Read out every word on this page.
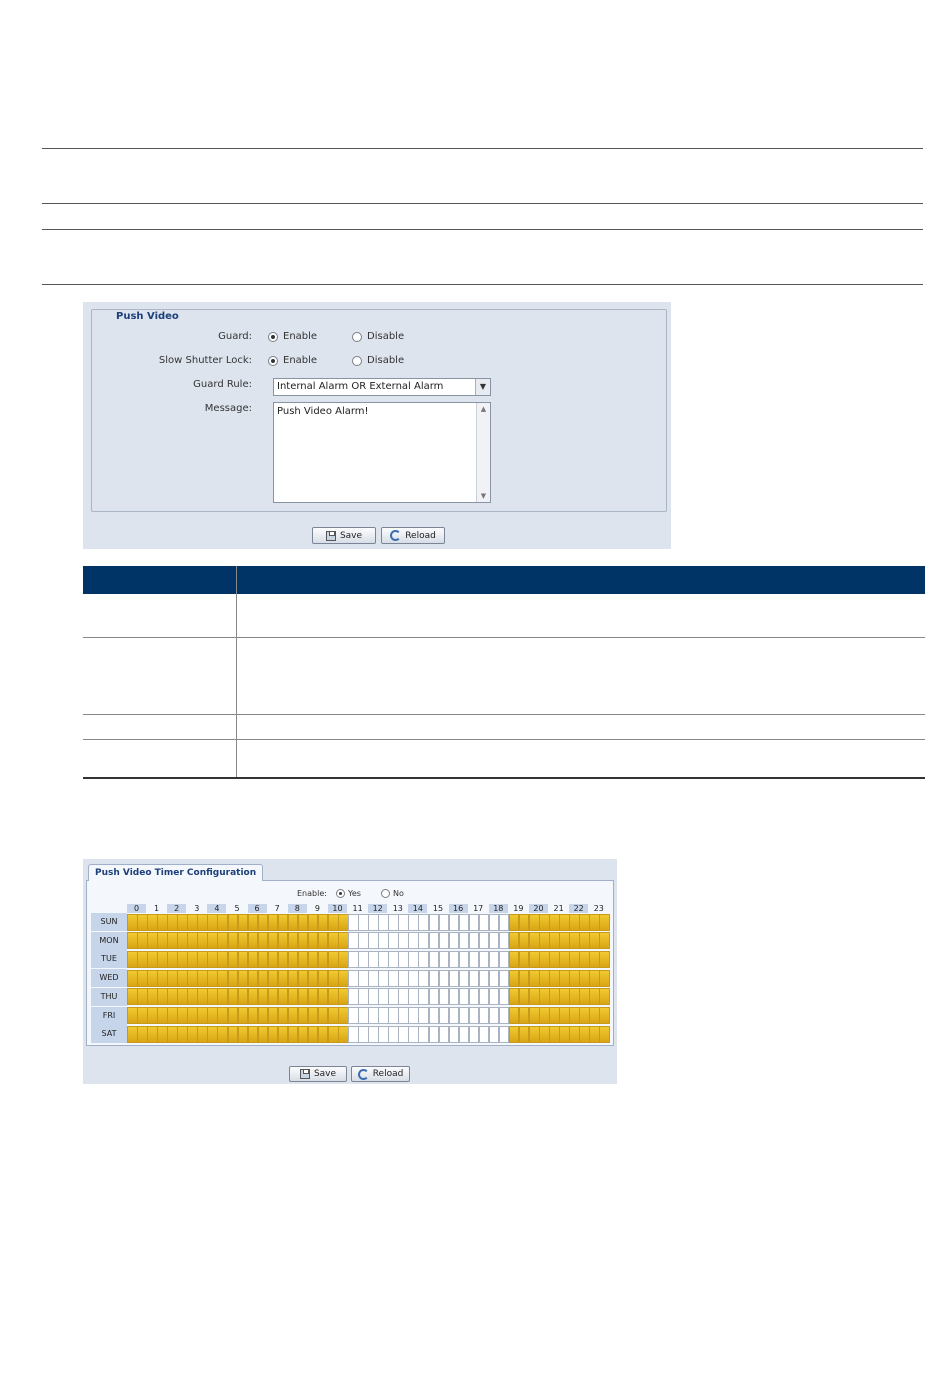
Push Video
Guard:	Enable	Disable
Slow Shutter Lock:	Enable	Disable
Guard Rule:	Internal Alarm OR External Alarm	▼
Message:	Push Video Alarm!	▲
▼
Save	Reload
Push Video Timer Configuration
Enable:	Yes	No
0	1	2	3	4	5	6	7	8	9	10	11	12	13	14	15	16	17	18	19	20	21	22	23
SUN
MON
TUE
WED
THU
FRI
SAT
Save	Reload
